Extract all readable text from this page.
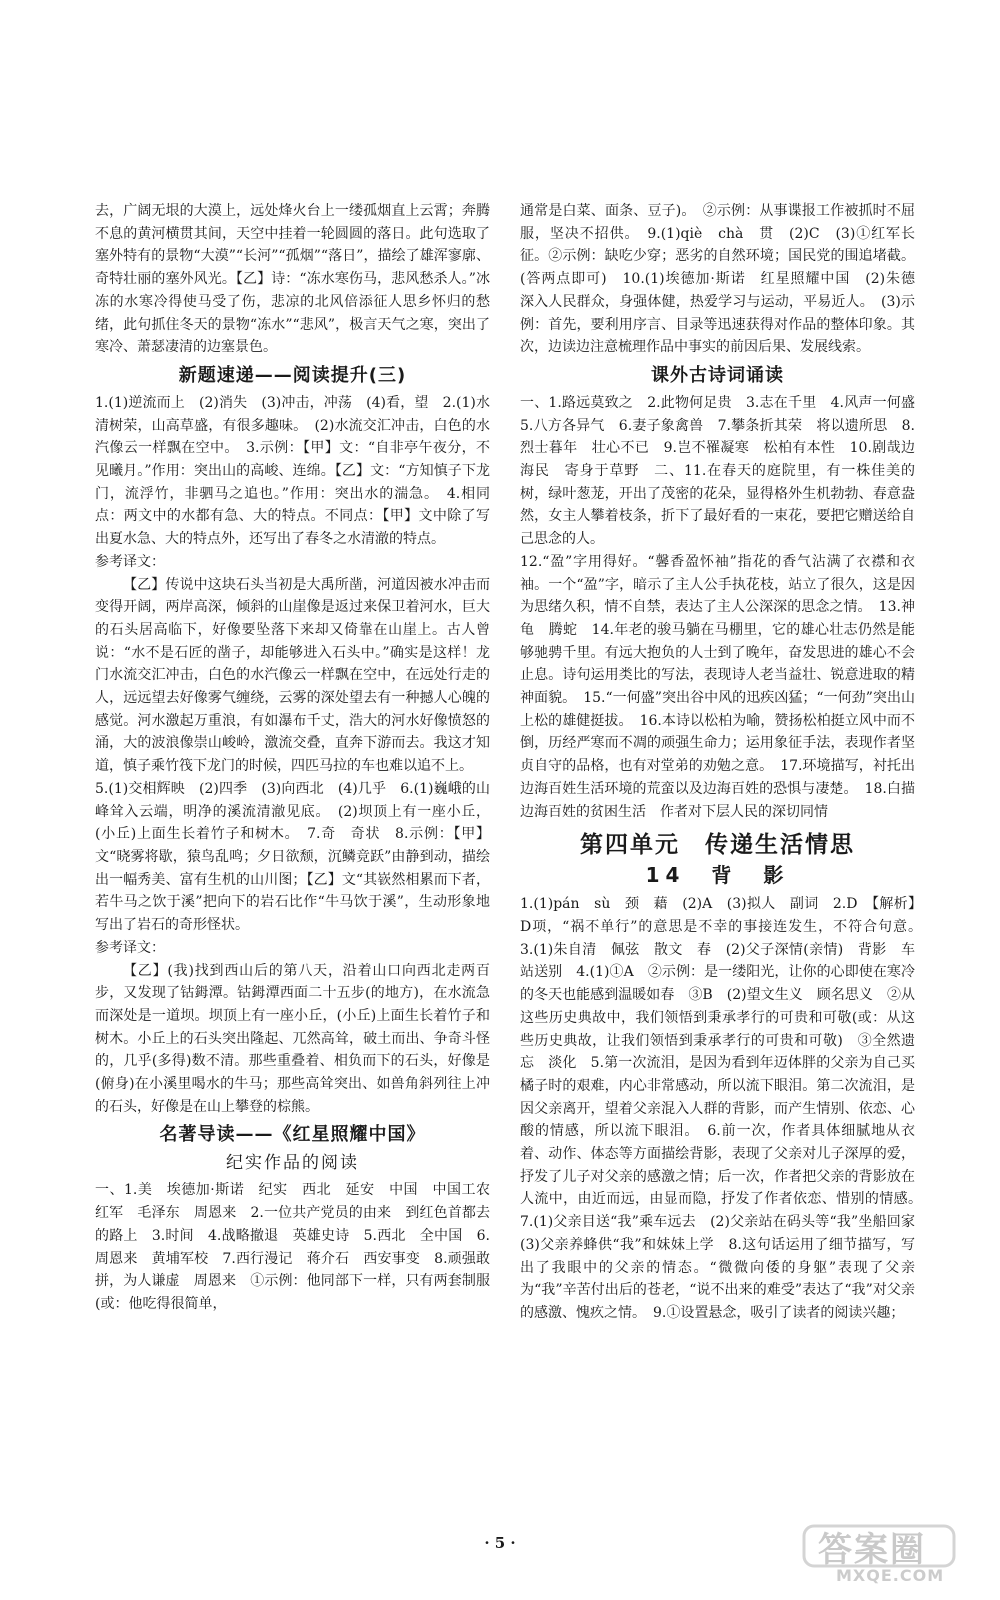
去，广阔无垠的大漠上，远处烽火台上一缕孤烟直上云霄；奔腾不息的黄河横贯其间，天空中挂着一轮圆圆的落日。此句选取了塞外特有的景物“大漠”“长河”“孤烟”“落日”，描绘了雄浑寥廓、奇特壮丽的塞外风光。【乙】诗：“冻水寒伤马，悲风愁杀人。”冰冻的水寒冷得使马受了伤，悲凉的北风倍添征人思乡怀归的愁绪，此句抓住冬天的景物“冻水”“悲风”，极言天气之寒，突出了寒冷、萧瑟凄清的边塞景色。

新题速递——阅读提升(三)

1.(1)逆流而上　(2)消失　(3)冲击，冲荡　(4)看，望　2.(1)水清树荣，山高草盛，有很多趣味。　(2)水流交汇冲击，白色的水汽像云一样飘在空中。　3.示例：【甲】文：“自非亭午夜分，不见曦月。”作用：突出山的高峻、连绵。【乙】文：“方知慎子下龙门，流浮竹，非驷马之追也。”作用：突出水的湍急。　4.相同点：两文中的水都有急、大的特点。不同点：【甲】文中除了写出夏水急、大的特点外，还写出了春冬之水清澈的特点。

参考译文：

【乙】传说中这块石头当初是大禹所凿，河道因被水冲击而变得开阔，两岸高深，倾斜的山崖像是返过来保卫着河水，巨大的石头居高临下，好像要坠落下来却又倚靠在山崖上。古人曾说：“水不是石匠的凿子，却能够进入石头中。”确实是这样！龙门水流交汇冲击，白色的水汽像云一样飘在空中，在远处行走的人，远远望去好像雾气缠绕，云雾的深处望去有一种撼人心魄的感觉。河水激起万重浪，有如瀑布千丈，浩大的河水好像愤怒的涌，大的波浪像崇山峻岭，激流交叠，直奔下游而去。我这才知道，慎子乘竹筏下龙门的时候，四匹马拉的车也难以追不上。

5.(1)交相辉映　(2)四季　(3)向西北　(4)几乎　6.(1)巍峨的山峰耸入云端，明净的溪流清澈见底。　(2)坝顶上有一座小丘，(小丘)上面生长着竹子和树木。　7.奇　奇状　8.示例：【甲】文“晓雾将歇，猿鸟乱鸣；夕日欲颓，沉鳞竞跃”由静到动，描绘出一幅秀美、富有生机的山川图；【乙】文“其嵚然相累而下者，若牛马之饮于溪”把向下的岩石比作“牛马饮于溪”，生动形象地写出了岩石的奇形怪状。

参考译文：

【乙】(我)找到西山后的第八天，沿着山口向西北走两百步，又发现了钴鉧潭。钴鉧潭西面二十五步(的地方)，在水流急而深处是一道坝。坝顶上有一座小丘，(小丘)上面生长着竹子和树木。小丘上的石头突出隆起、兀然高耸，破土而出、争奇斗怪的，几乎(多得)数不清。那些重叠着、相负而下的石头，好像是(俯身)在小溪里喝水的牛马；那些高耸突出、如兽角斜列往上冲的石头，好像是在山上攀登的棕熊。

名著导读——《红星照耀中国》

纪实作品的阅读

一、1.美　埃德加·斯诺　纪实　西北　延安　中国　中国工农红军　毛泽东　周恩来　2.一位共产党员的由来　到红色首都去的路上　3.时间　4.战略撤退　英雄史诗　5.西北　全中国　6.周恩来　黄埔军校　7.西行漫记　蒋介石　西安事变　8.顽强敢拼，为人谦虚　周恩来　①示例：他同部下一样，只有两套制服(或：他吃得很简单，

通常是白菜、面条、豆子)。　②示例：从事谍报工作被抓时不屈服，坚决不招供。　9.(1)qiè　chà　贯　(2)C　(3)①红军长征。②示例：缺吃少穿；恶劣的自然环境；国民党的围追堵截。(答两点即可)　10.(1)埃德加·斯诺　红星照耀中国　(2)朱德　深入人民群众，身强体健，热爱学习与运动，平易近人。　(3)示例：首先，要利用序言、目录等迅速获得对作品的整体印象。其次，边读边注意梳理作品中事实的前因后果、发展线索。

课外古诗词诵读

一、1.路远莫致之　2.此物何足贵　3.志在千里　4.风声一何盛　5.八方各异气　6.妻子象禽兽　7.攀条折其荣　将以遗所思　8.烈士暮年　壮心不已　9.岂不罹凝寒　松柏有本性　10.剧哉边海民　寄身于草野　二、11.在春天的庭院里，有一株佳美的树，绿叶葱茏，开出了茂密的花朵，显得格外生机勃勃、春意盎然，女主人攀着枝条，折下了最好看的一束花，要把它赠送给自己思念的人。

12.“盈”字用得好。“馨香盈怀袖”指花的香气沾满了衣襟和衣袖。一个“盈”字，暗示了主人公手执花枝，站立了很久，这是因为思绪久积，情不自禁，表达了主人公深深的思念之情。　13.神龟　腾蛇　14.年老的骏马躺在马棚里，它的雄心壮志仍然是能够驰骋千里。有远大抱负的人士到了晚年，奋发思进的雄心不会止息。诗句运用类比的写法，表现诗人老当益壮、锐意进取的精神面貌。　15.“一何盛”突出谷中风的迅疾凶猛；“一何劲”突出山上松的雄健挺拔。　16.本诗以松柏为喻，赞扬松柏挺立风中而不倒，历经严寒而不凋的顽强生命力；运用象征手法，表现作者坚贞自守的品格，也有对堂弟的劝勉之意。　17.环境描写，衬托出边海百姓生活环境的荒蛮以及边海百姓的恐惧与凄楚。　18.白描　边海百姓的贫困生活　作者对下层人民的深切同情

第四单元　传递生活情思

14　背　影

1.(1)pán　sù　颈　藉　(2)A　(3)拟人　副词　2.D　【解析】D项，“祸不单行”的意思是不幸的事接连发生，不符合句意。　3.(1)朱自清　佩弦　散文　春　(2)父子深情(亲情)　背影　车站送别　4.(1)①A　②示例：是一缕阳光，让你的心即使在寒冷的冬天也能感到温暖如春　③B　(2)望文生义　顾名思义　②从这些历史典故中，我们领悟到秉承孝行的可贵和可敬(或：从这些历史典故，让我们领悟到秉承孝行的可贵和可敬)　③全然遗忘　淡化　5.第一次流泪，是因为看到年迈体胖的父亲为自己买橘子时的艰难，内心非常感动，所以流下眼泪。第二次流泪，是因父亲离开，望着父亲混入人群的背影，而产生情别、依恋、心酸的情感，所以流下眼泪。　6.前一次，作者具体细腻地从衣着、动作、体态等方面描绘背影，表现了父亲对儿子深厚的爱，抒发了儿子对父亲的感激之情；后一次，作者把父亲的背影放在人流中，由近而远，由显而隐，抒发了作者依恋、惜别的情感。　7.(1)父亲目送“我”乘车远去　(2)父亲站在码头等“我”坐船回家　(3)父亲养蜂供“我”和妹妹上学　8.这句话运用了细节描写，写出了我眼中的父亲的情态。“微微向倭的身躯”表现了父亲为“我”辛苦付出后的苍老，“说不出来的难受”表达了“我”对父亲的感激、愧疚之情。　9.①设置悬念，吸引了读者的阅读兴趣；

· 5 ·	答案圈
MXQE.COM
